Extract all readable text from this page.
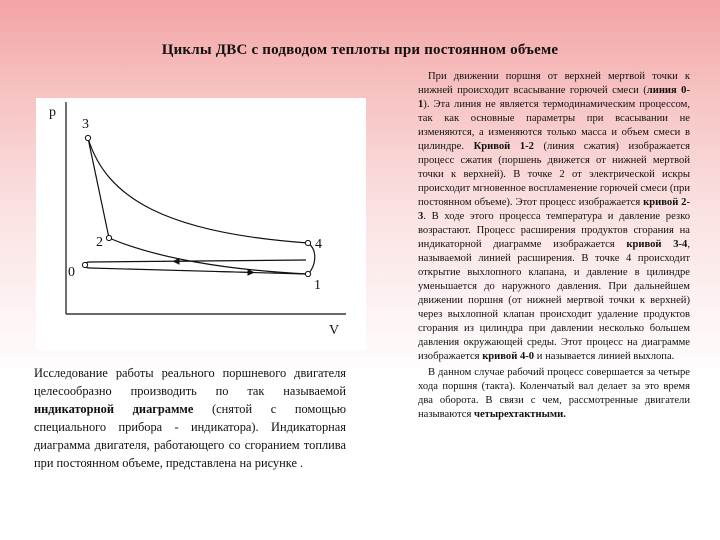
Циклы ДВС с подводом теплоты при постоянном объеме
p
V
3
2	4
0
1
Исследование работы реального поршневого двигателя целесообразно производить по так называемой индикаторной диаграмме (снятой с помощью специального прибора - индикатора). Индикаторная диаграмма двигателя, работающего со сгоранием топлива при постоянном объеме, представлена на рисунке .

При движении поршня от верхней мертвой точки к нижней происходит всасывание горючей смеси (линия 0-1). Эта линия не является термодинамическим процессом, так как основные параметры при всасывании не изменяются, а изменяются только масса и объем смеси в цилиндре. Кривой 1-2 (линия сжатия) изображается процесс сжатия (поршень движется от нижней мертвой точки к верхней). В точке 2 от электрической искры происходит мгновенное воспламенение горючей смеси (при постоянном объеме). Этот процесс изображается кривой 2-3. В ходе этого процесса температура и давление резко возрастают. Процесс расширения продуктов сгорания на индикаторной диаграмме изображается кривой 3-4, называемой линией расширения. В точке 4 происходит открытие выхлопного клапана, и давление в цилиндре уменьшается до наружного давления. При дальнейшем движении поршня (от нижней мертвой точки к верхней) через выхлопной клапан происходит удаление продуктов сгорания из цилиндра при давлении несколько большем давления окружающей среды. Этот процесс на диаграмме изображается кривой 4-0 и называется линией выхлопа.

В данном случае рабочий процесс совершается за четыре хода поршня (такта). Коленчатый вал делает за это время два оборота. В связи с чем, рассмотренные двигатели называются четырехтактными.
